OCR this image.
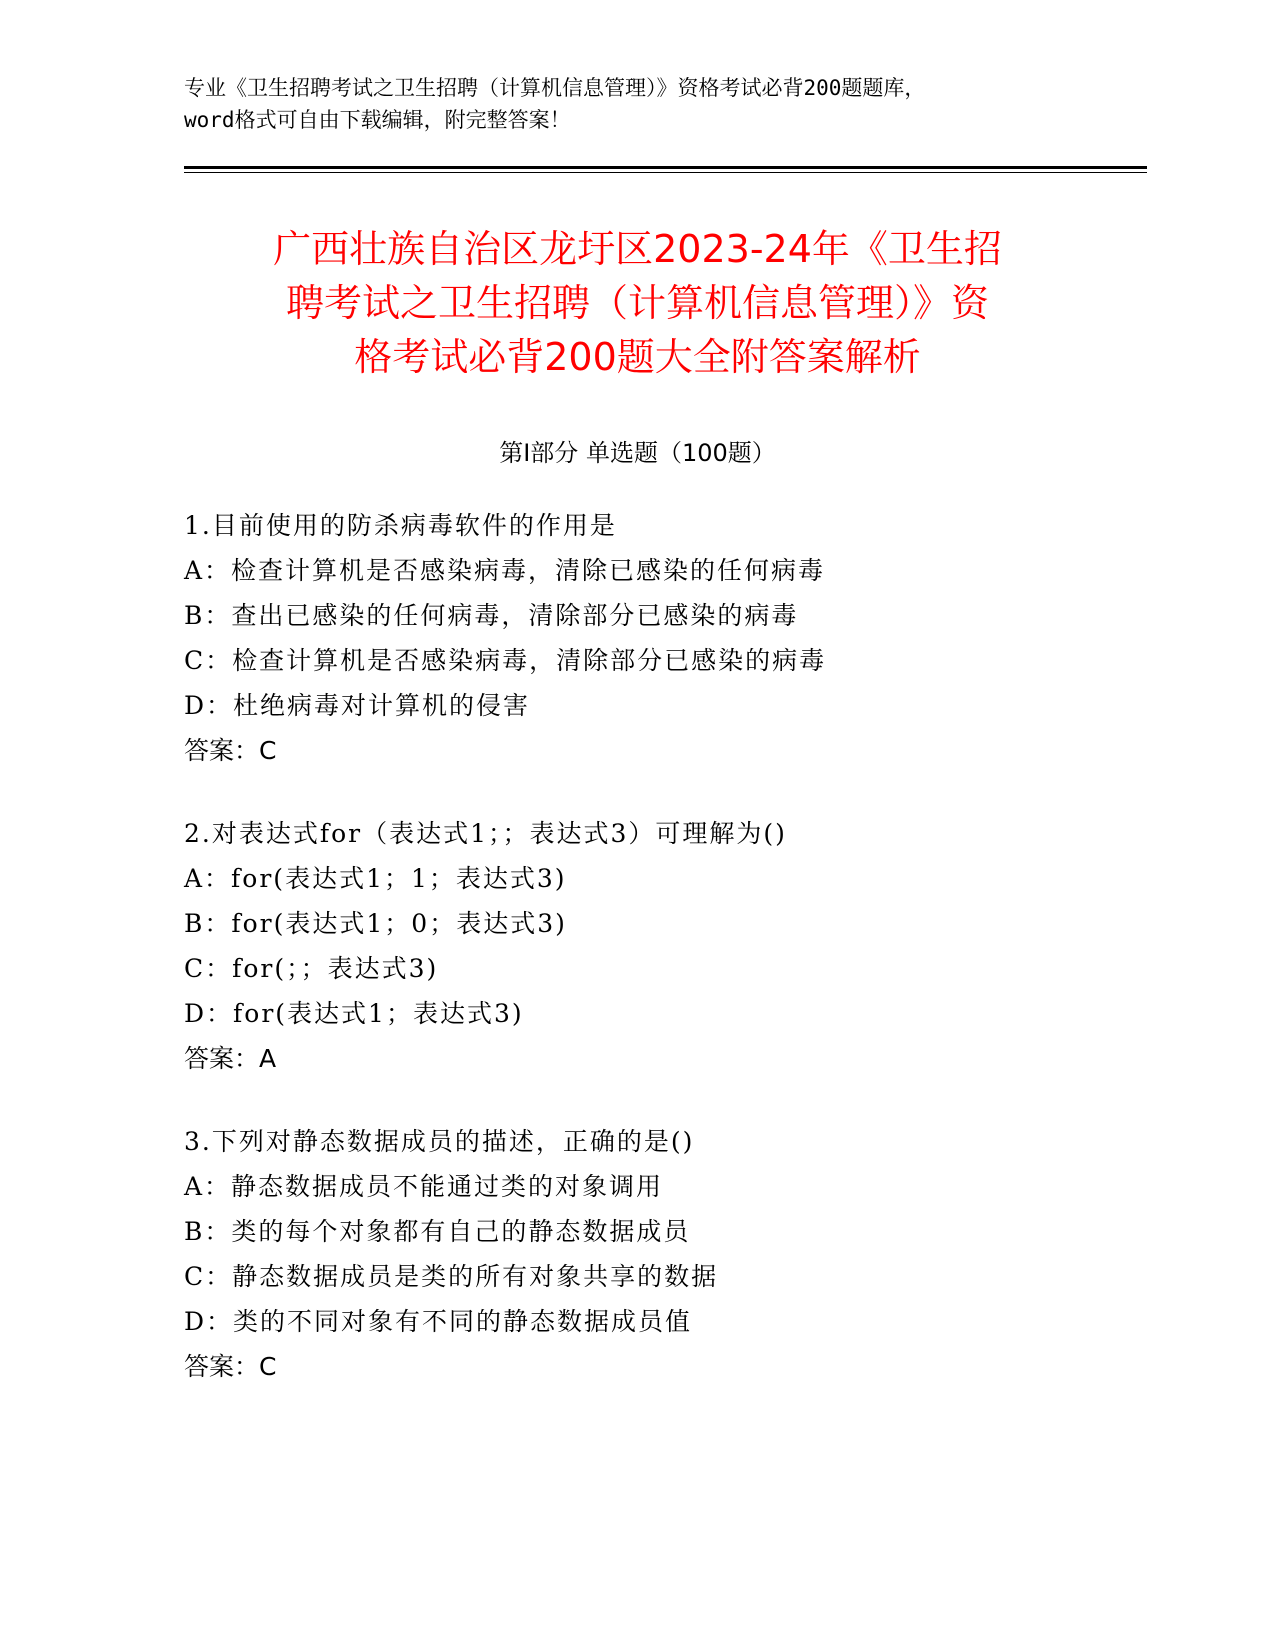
专业《卫生招聘考试之卫生招聘（计算机信息管理）》资格考试必背200题题库，
word格式可自由下载编辑，附完整答案！
广西壮族自治区龙圩区2023-24年《卫生招
聘考试之卫生招聘（计算机信息管理）》资
格考试必背200题大全附答案解析
第Ⅰ部分 单选题（100题）
1.目前使用的防杀病毒软件的作用是
A：检查计算机是否感染病毒，清除已感染的任何病毒
B：查出已感染的任何病毒，清除部分已感染的病毒
C：检查计算机是否感染病毒，清除部分已感染的病毒
D：杜绝病毒对计算机的侵害
答案：C
2.对表达式for（表达式1；；表达式3）可理解为()
A：for(表达式1；1；表达式3)
B：for(表达式1；0；表达式3)
C：for(；；表达式3)
D：for(表达式1；表达式3)
答案：A
3.下列对静态数据成员的描述，正确的是()
A：静态数据成员不能通过类的对象调用
B：类的每个对象都有自己的静态数据成员
C：静态数据成员是类的所有对象共享的数据
D：类的不同对象有不同的静态数据成员值
答案：C
